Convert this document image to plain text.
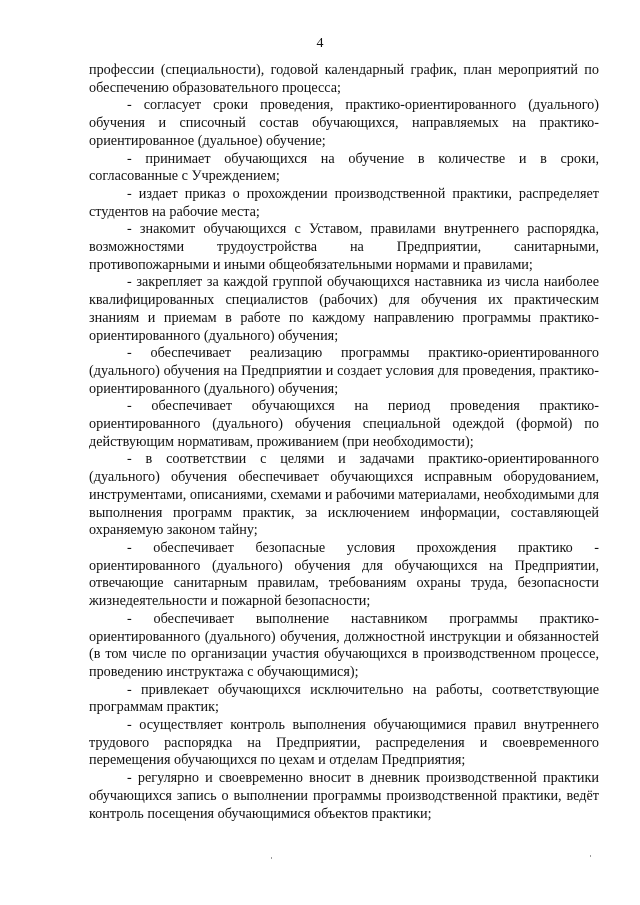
4

профессии (специальности), годовой календарный график, план мероприятий по обеспечению образовательного процесса;

- согласует сроки проведения, практико-ориентированного (дуального) обучения и списочный состав обучающихся, направляемых на практико-ориентированное (дуальное) обучение;

- принимает обучающихся на обучение в количестве и в сроки, согласованные с Учреждением;

- издает приказ о прохождении производственной практики, распределяет студентов на рабочие места;

- знакомит обучающихся с Уставом, правилами внутреннего распорядка, возможностями трудоустройства на Предприятии, санитарными, противопожарными и иными общеобязательными нормами и правилами;

- закрепляет за каждой группой обучающихся наставника из числа наиболее квалифицированных специалистов (рабочих) для обучения их практическим знаниям и приемам в работе по каждому направлению программы практико-ориентированного (дуального) обучения;

- обеспечивает реализацию программы практико-ориентированного (дуального) обучения на Предприятии и создает условия для проведения, практико-ориентированного (дуального) обучения;

- обеспечивает обучающихся на период проведения практико-ориентированного (дуального) обучения специальной одеждой (формой) по действующим нормативам, проживанием (при необходимости);

- в соответствии с целями и задачами практико-ориентированного (дуального) обучения обеспечивает обучающихся исправным оборудованием, инструментами, описаниями, схемами и рабочими материалами, необходимыми для выполнения программ практик, за исключением информации, составляющей охраняемую законом тайну;

- обеспечивает безопасные условия прохождения практико - ориентированного (дуального) обучения для обучающихся на Предприятии, отвечающие санитарным правилам, требованиям охраны труда, безопасности жизнедеятельности и пожарной безопасности;

- обеспечивает выполнение наставником программы практико-ориентированного (дуального) обучения, должностной инструкции и обязанностей (в том числе по организации участия обучающихся в производственном процессе, проведению инструктажа с обучающимися);

- привлекает обучающихся исключительно на работы, соответствующие программам практик;

- осуществляет контроль выполнения обучающимися правил внутреннего трудового распорядка на Предприятии, распределения и своевременного перемещения обучающихся по цехам и отделам Предприятия;

- регулярно и своевременно вносит в дневник производственной практики обучающихся запись о выполнении программы производственной практики, ведёт контроль посещения обучающимися объектов практики;
